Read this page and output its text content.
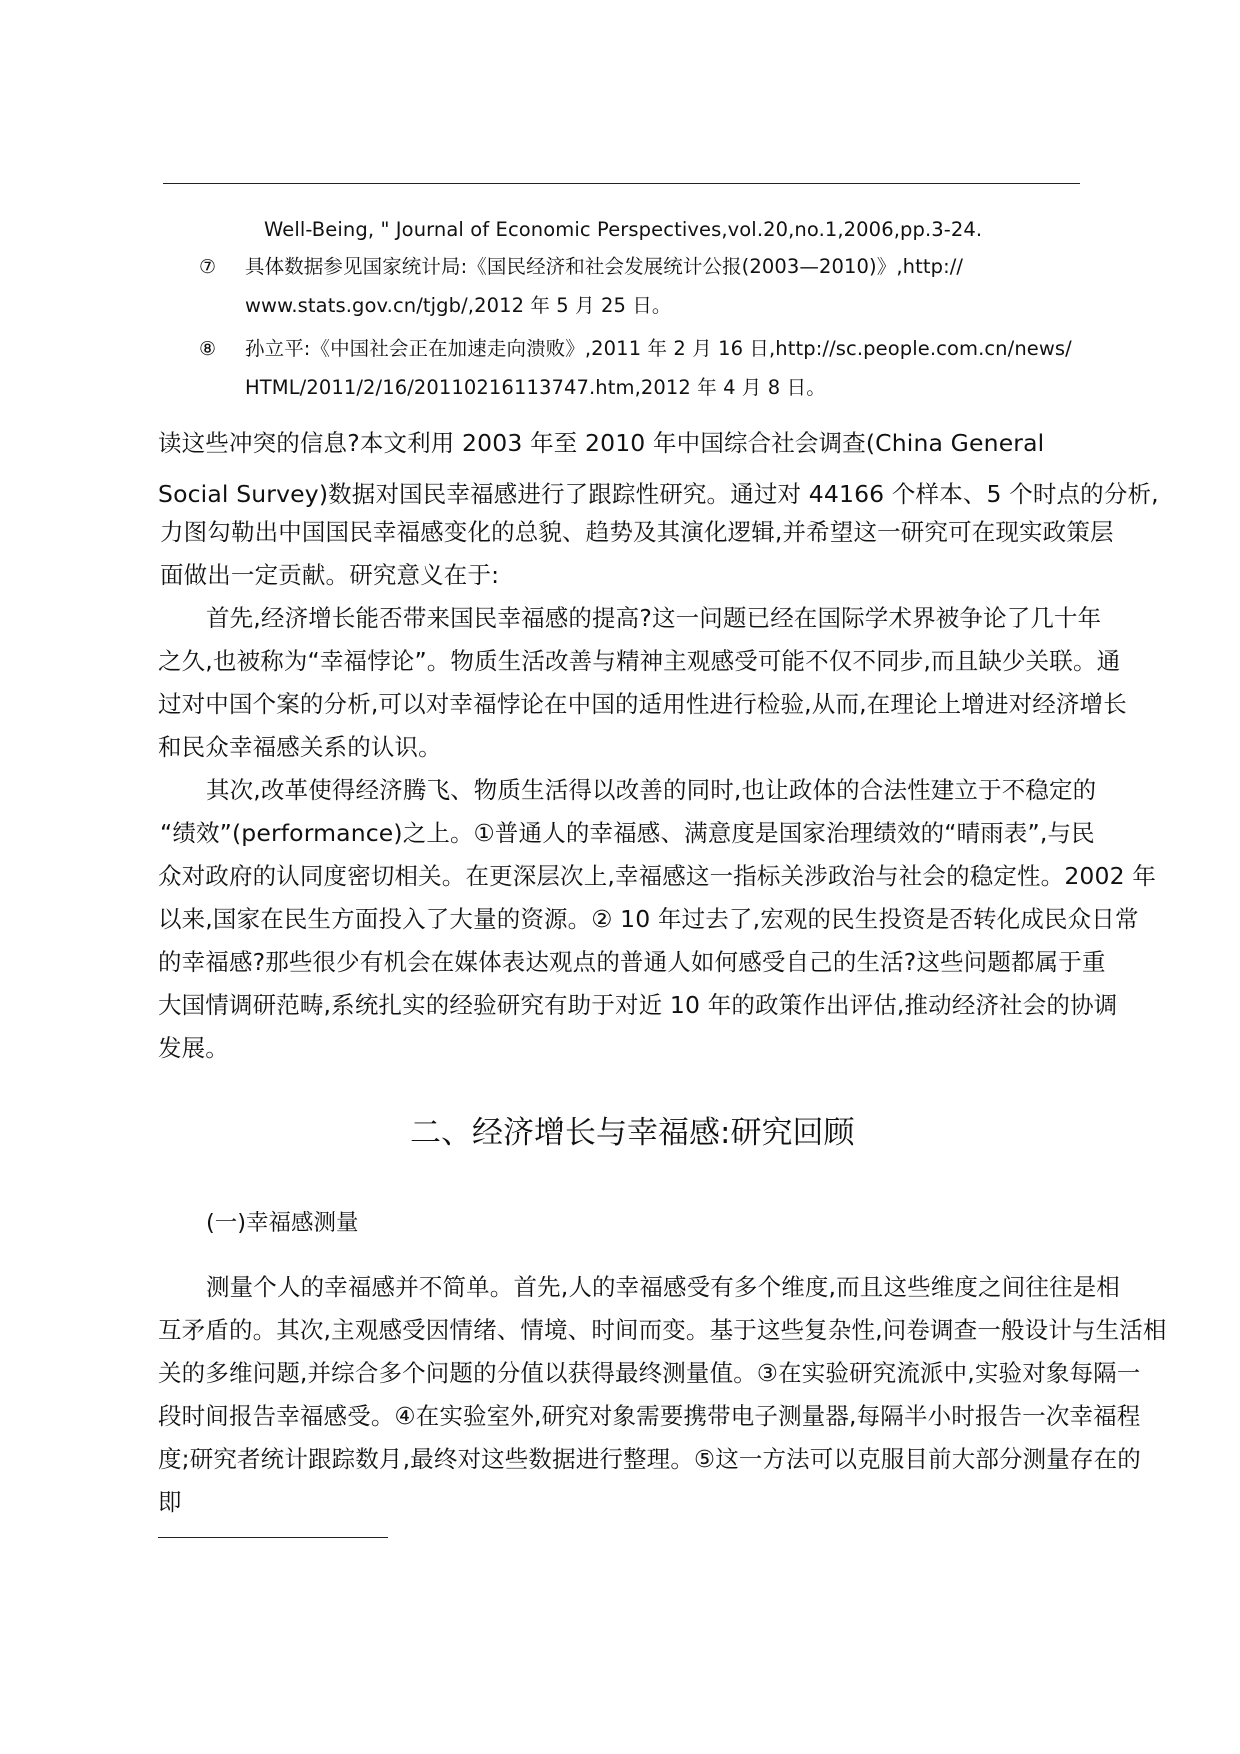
Well-Being, " Journal of Economic Perspectives,vol.20,no.1,2006,pp.3-24.
⑦ 具体数据参见国家统计局:《国民经济和社会发展统计公报(2003—2010)》,http://
www.stats.gov.cn/tjgb/,2012 年 5 月 25 日。
⑧ 孙立平:《中国社会正在加速走向溃败》,2011 年 2 月 16 日,http://sc.people.com.cn/news/
HTML/2011/2/16/20110216113747.htm,2012 年 4 月 8 日。
读这些冲突的信息?本文利用 2003 年至 2010 年中国综合社会调查(China General
Social Survey)数据对国民幸福感进行了跟踪性研究。通过对 44166 个样本、5 个时点的分析,
力图勾勒出中国国民幸福感变化的总貌、趋势及其演化逻辑,并希望这一研究可在现实政策层
面做出一定贡献。研究意义在于:
首先,经济增长能否带来国民幸福感的提高?这一问题已经在国际学术界被争论了几十年
之久,也被称为“幸福悖论”。物质生活改善与精神主观感受可能不仅不同步,而且缺少关联。通
过对中国个案的分析,可以对幸福悖论在中国的适用性进行检验,从而,在理论上增进对经济增长
和民众幸福感关系的认识。
其次,改革使得经济腾飞、物质生活得以改善的同时,也让政体的合法性建立于不稳定的
“绩效”(performance)之上。①普通人的幸福感、满意度是国家治理绩效的“晴雨表”,与民
众对政府的认同度密切相关。在更深层次上,幸福感这一指标关涉政治与社会的稳定性。2002 年
以来,国家在民生方面投入了大量的资源。② 10 年过去了,宏观的民生投资是否转化成民众日常
的幸福感?那些很少有机会在媒体表达观点的普通人如何感受自己的生活?这些问题都属于重
大国情调研范畴,系统扎实的经验研究有助于对近 10 年的政策作出评估,推动经济社会的协调
发展。
二、经济增长与幸福感:研究回顾
(一)幸福感测量
测量个人的幸福感并不简单。首先,人的幸福感受有多个维度,而且这些维度之间往往是相
互矛盾的。其次,主观感受因情绪、情境、时间而变。基于这些复杂性,问卷调查一般设计与生活相
关的多维问题,并综合多个问题的分值以获得最终测量值。③在实验研究流派中,实验对象每隔一
段时间报告幸福感受。④在实验室外,研究对象需要携带电子测量器,每隔半小时报告一次幸福程
度;研究者统计跟踪数月,最终对这些数据进行整理。⑤这一方法可以克服目前大部分测量存在的
即
